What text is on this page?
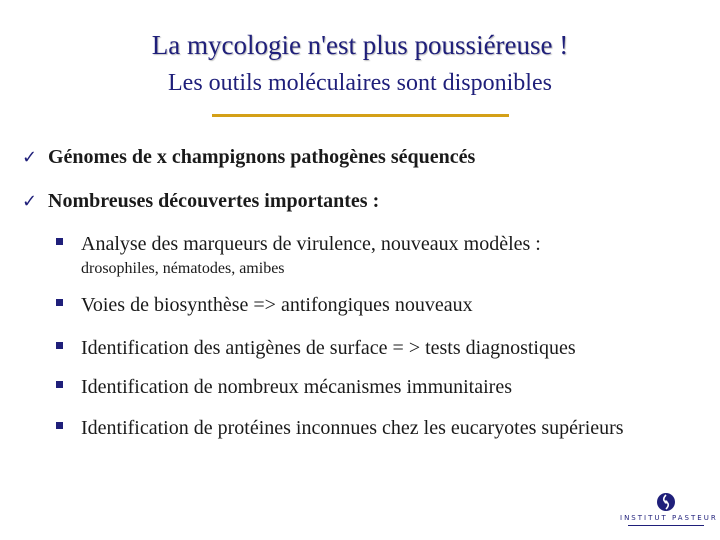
La mycologie n'est plus poussiéreuse !
Les outils moléculaires sont disponibles
✓ Génomes de x champignons pathogènes séquencés
✓ Nombreuses découvertes importantes :
Analyse des marqueurs de virulence, nouveaux modèles :
drosophiles, nématodes, amibes
Voies de biosynthèse => antifongiques nouveaux
Identification des antigènes de surface = > tests diagnostiques
Identification de nombreux mécanismes immunitaires
Identification de protéines inconnues chez les eucaryotes supérieurs
INSTITUT PASTEUR
